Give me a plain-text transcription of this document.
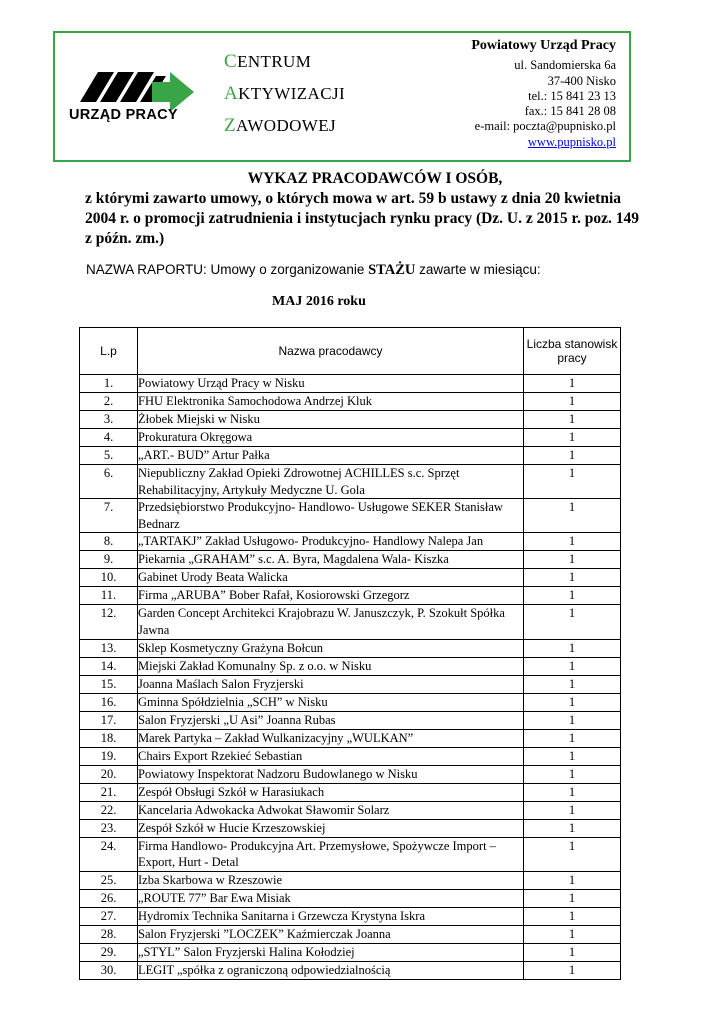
URZĄD PRACY
CENTRUM
AKTYWIZACJI
ZAWODOWEJ
Powiatowy Urząd Pracy
ul. Sandomierska 6a
37-400 Nisko
tel.: 15 841 23 13
fax.: 15 841 28 08
e-mail: poczta@pupnisko.pl
www.pupnisko.pl
WYKAZ PRACODAWCÓW I OSÓB,
z którymi zawarto umowy, o których mowa w art. 59 b ustawy z dnia 20 kwietnia 2004 r. o promocji zatrudnienia i instytucjach rynku pracy (Dz. U. z 2015 r. poz. 149 z późn. zm.)
NAZWA RAPORTU: Umowy o zorganizowanie STAŻU zawarte w miesiącu:
MAJ 2016 roku
L.p	Nazwa pracodawcy	Liczba stanowisk pracy
1.	Powiatowy Urząd Pracy w Nisku	1
2.	FHU Elektronika Samochodowa Andrzej Kluk	1
3.	Żłobek Miejski w Nisku	1
4.	Prokuratura Okręgowa	1
5.	„ART.- BUD” Artur Pałka	1
6.	Niepubliczny Zakład Opieki Zdrowotnej ACHILLES s.c. Sprzęt Rehabilitacyjny, Artykuły Medyczne U. Gola	1
7.	Przedsiębiorstwo Produkcyjno- Handlowo- Usługowe SEKER Stanisław Bednarz	1
8.	„TARTAKJ” Zakład Usługowo- Produkcyjno- Handlowy Nalepa Jan	1
9.	Piekarnia „GRAHAM” s.c. A. Byra, Magdalena Wala- Kiszka	1
10.	Gabinet Urody Beata Walicka	1
11.	Firma „ARUBA” Bober Rafał, Kosiorowski Grzegorz	1
12.	Garden Concept Architekci Krajobrazu W. Januszczyk, P. Szokułt Spółka Jawna	1
13.	Sklep Kosmetyczny Grażyna Bołcun	1
14.	Miejski Zakład Komunalny Sp. z o.o. w Nisku	1
15.	Joanna Maślach Salon Fryzjerski	1
16.	Gminna Spółdzielnia „SCH” w Nisku	1
17.	Salon Fryzjerski „U Asi” Joanna Rubas	1
18.	Marek Partyka – Zakład Wulkanizacyjny „WULKAN”	1
19.	Chairs Export Rzekieć Sebastian	1
20.	Powiatowy Inspektorat Nadzoru Budowlanego w Nisku	1
21.	Zespół Obsługi Szkół w Harasiukach	1
22.	Kancelaria Adwokacka Adwokat Sławomir Solarz	1
23.	Zespół Szkół w Hucie Krzeszowskiej	1
24.	Firma Handlowo- Produkcyjna Art. Przemysłowe, Spożywcze Import – Export, Hurt - Detal	1
25.	Izba Skarbowa w Rzeszowie	1
26.	„ROUTE 77” Bar Ewa Misiak	1
27.	Hydromix Technika Sanitarna i Grzewcza Krystyna Iskra	1
28.	Salon Fryzjerski ”LOCZEK” Kaźmierczak Joanna	1
29.	„STYL” Salon Fryzjerski Halina Kołodziej	1
30.	LEGIT „spółka z ograniczoną odpowiedzialnością	1
